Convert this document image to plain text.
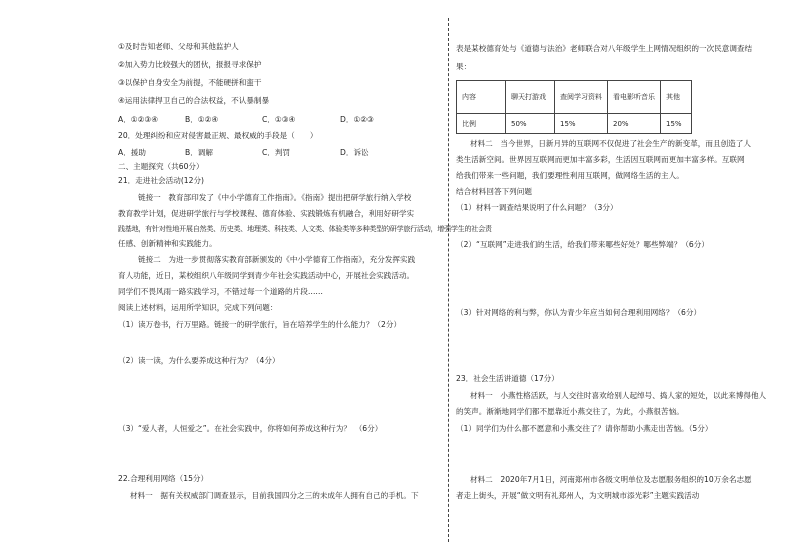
①及时告知老师、父母和其他监护人
②加入势力比较强大的团伙，报报寻求保护
③以保护自身安全为前提，不能硬拼和蛮干
④运用法律捍卫自己的合法权益，不认暴制暴
A．①②③④	B．①②④	C．①③④	D．①②③
20．处理纠纷和应对侵害最正规、最权威的手段是（　　）
A．援助	B．调解	C．判罚	D．诉讼
二、主题探究（共60分）
21．走进社会活动(12分)
链接一　教育部印发了《中小学德育工作指南》。《指南》提出把研学旅行纳入学校
教育教学计划，促进研学旅行与学校课程、德育体验、实践锻炼有机融合，利用好研学实
践基地，有针对性地开展自然类、历史类、地理类、科技类、人文类、体验类等多种类型的研学旅行活动，增强学生的社会责
任感、创新精神和实践能力。
链接二　为进一步贯彻落实教育部新颁发的《中小学德育工作指南》，充分发挥实践
育人功能，近日，某校组织八年级同学到青少年社会实践活动中心，开展社会实践活动。
同学们不畏风雨一路实践学习，不错过每一个道路的片段……
阅读上述材料，运用所学知识，完成下列问题：
（1）读万卷书，行万里路。链接一的研学旅行，旨在培养学生的什么能力？（2分）
（2）读一读，为什么要养成这种行为？（4分）
（3）“爱人者，人恒爱之”。在社会实践中，你将如何养成这种行为？　（6分）
22.合理利用网络（15分）
材料一　据有关权威部门调查显示，目前我国四分之三的未成年人拥有自己的手机。下
表是某校德育处与《道德与法治》老师联合对八年级学生上网情况组织的一次民意调查结
果：
内容	聊天打游戏	查阅学习资料	看电影听音乐	其他
比例	50%	15%	20%	15%
材料二　当今世界，日新月异的互联网不仅促进了社会生产的新变革，而且创造了人
类生活新空间。世界因互联网而更加丰富多彩，生活因互联网而更加丰富多样。互联网
给我们带来一些问题，我们要理性利用互联网，做网络生活的主人。
结合材料回答下列问题
（1）材料一调查结果说明了什么问题？（3分）
（2）“互联网”走进我们的生活，给我们带来哪些好处？哪些弊端？（6分）
（3）针对网络的利与弊，你认为青少年应当如何合理利用网络？（6分）
23．社会生活讲道德（17分）
材料一　小燕性格活跃，与人交往时喜欢给别人起绰号、捣人家的短处，以此来博得他人
的笑声。渐渐地同学们都不愿靠近小燕交往了，为此，小燕很苦恼。
（1）同学们为什么都不愿意和小燕交往了？请你帮助小燕走出苦恼。（5分）
材料二　2020年7月1日，河南郑州市各级文明单位及志愿服务组织的10万余名志愿
者走上街头，开展“做文明有礼郑州人，为文明城市添光彩”主题实践活动
